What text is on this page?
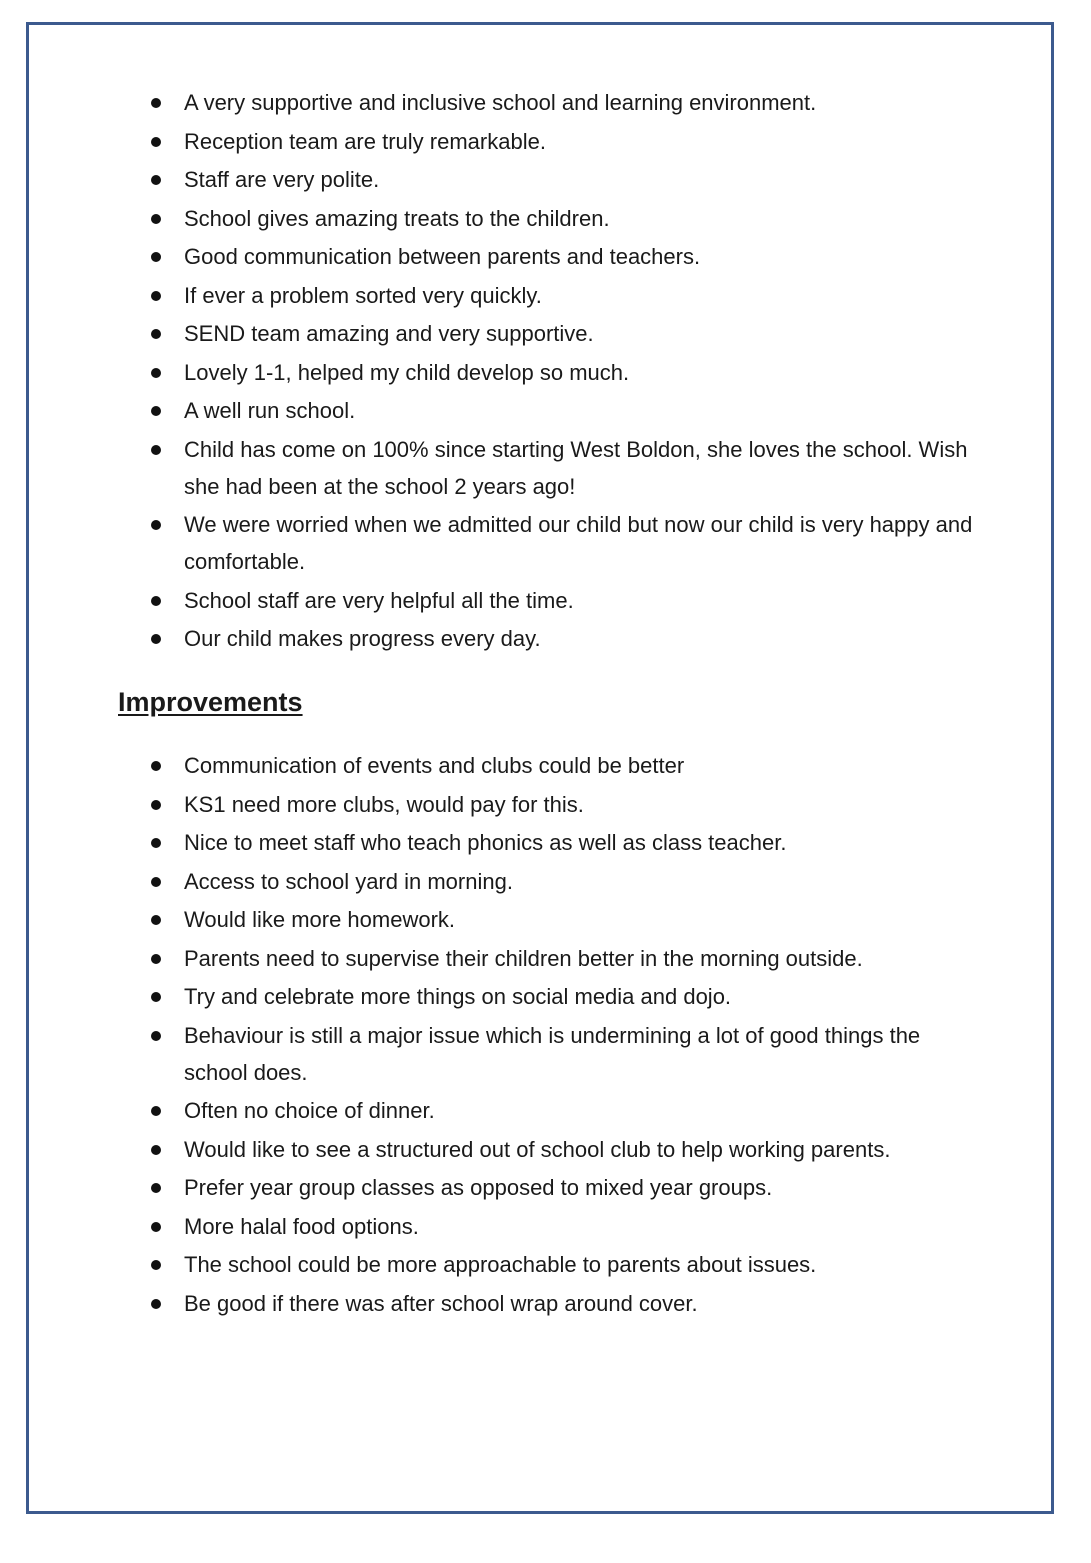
A very supportive and inclusive school and learning environment.
Reception team are truly remarkable.
Staff are very polite.
School gives amazing treats to the children.
Good communication between parents and teachers.
If ever a problem sorted very quickly.
SEND team amazing and very supportive.
Lovely 1-1, helped my child develop so much.
A well run school.
Child has come on 100% since starting West Boldon, she loves the school. Wish she had been at the school 2 years ago!
We were worried when we admitted our child but now our child is very happy and comfortable.
School staff are very helpful all the time.
Our child makes progress every day.
Improvements
Communication of events and clubs could be better
KS1 need more clubs, would pay for this.
Nice to meet staff who teach phonics as well as class teacher.
Access to school yard in morning.
Would like more homework.
Parents need to supervise their children better in the morning outside.
Try and celebrate more things on social media and dojo.
Behaviour is still a major issue which is undermining a lot of good things the school does.
Often no choice of dinner.
Would like to see a structured out of school club to help working parents.
Prefer year group classes as opposed to mixed year groups.
More halal food options.
The school could be more approachable to parents about issues.
Be good if there was after school wrap around cover.
